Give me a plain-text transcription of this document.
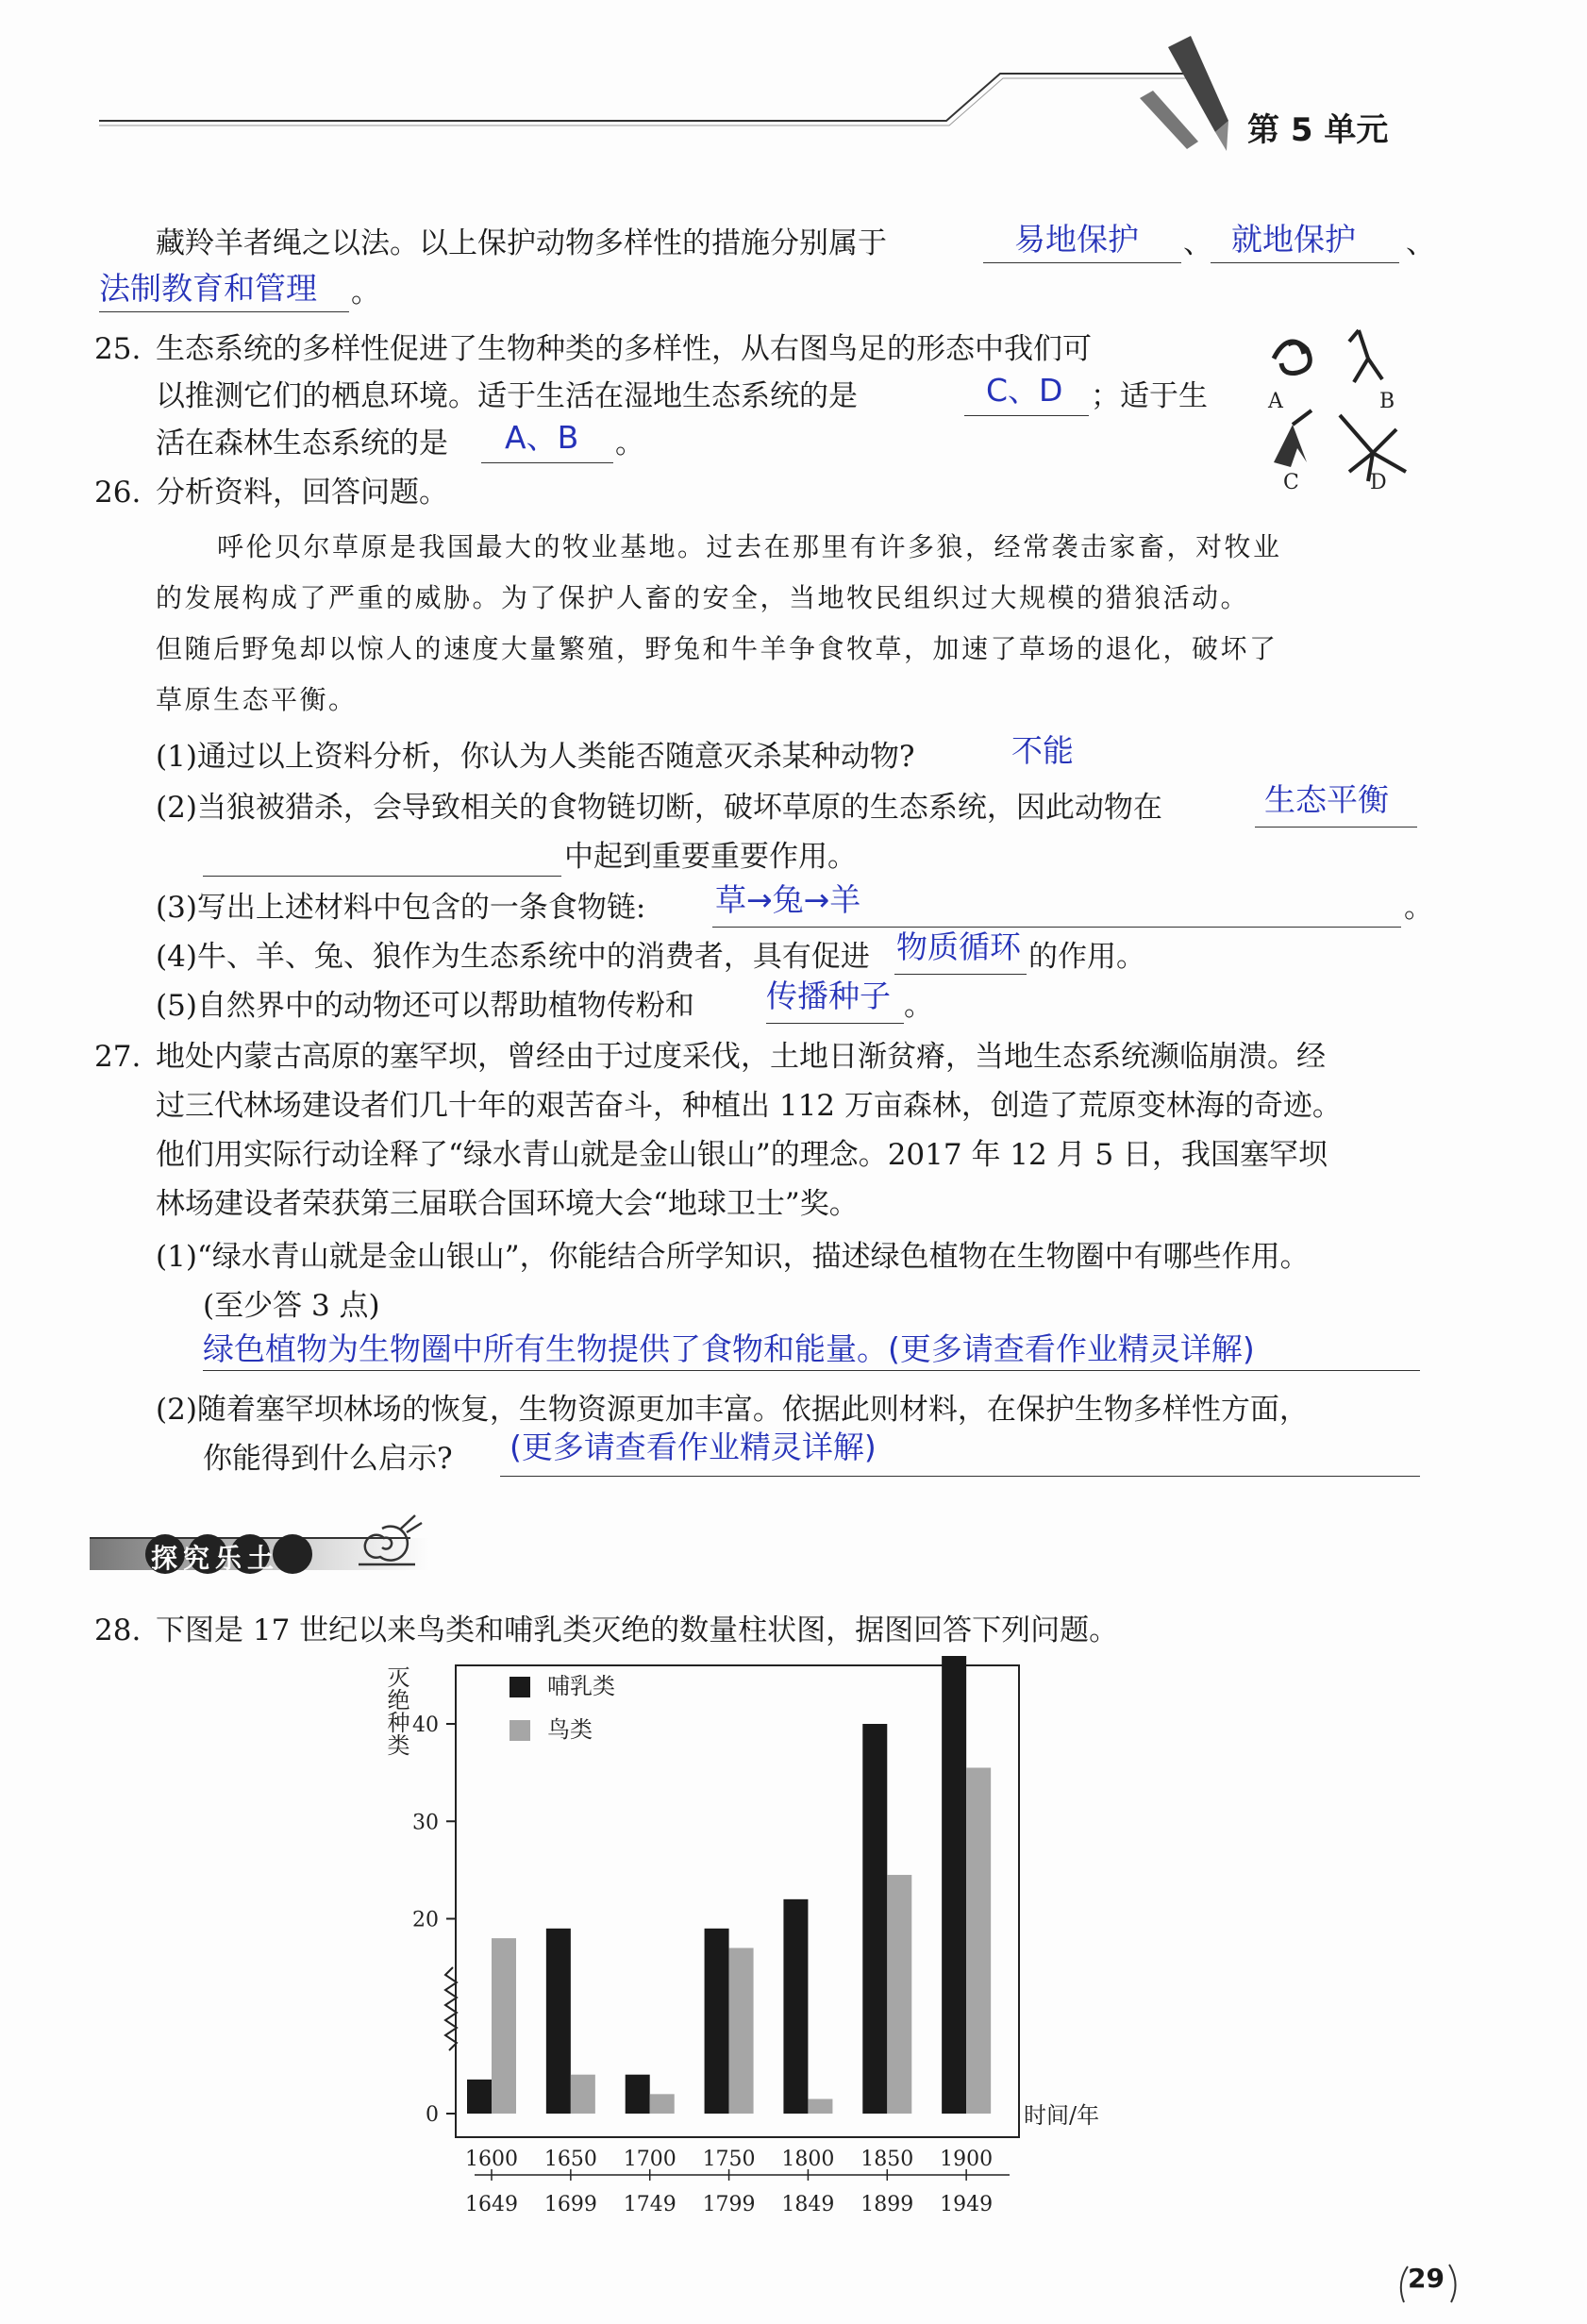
第 5 单元
藏羚羊者绳之以法。以上保护动物多样性的措施分别属于	易地保护 、 就地保护 、
法制教育和管理 。
25. 生态系统的多样性促进了生物种类的多样性，从右图鸟足的形态中我们可
以推测它们的栖息环境。适于生活在湿地生态系统的是	C、D ；适于生
活在森林生态系统的是 A、B 。
A	B
C	D
26. 分析资料，回答问题。
呼伦贝尔草原是我国最大的牧业基地。过去在那里有许多狼，经常袭击家畜，对牧业
的发展构成了严重的威胁。为了保护人畜的安全，当地牧民组织过大规模的猎狼活动。
但随后野兔却以惊人的速度大量繁殖，野兔和牛羊争食牧草，加速了草场的退化，破坏了
草原生态平衡。
(1)通过以上资料分析，你认为人类能否随意灭杀某种动物?	不能
(2)当狼被猎杀，会导致相关的食物链切断，破坏草原的生态系统，因此动物在	生态平衡
中起到重要重要作用。
(3)写出上述材料中包含的一条食物链: 草→兔→羊	。
(4)牛、羊、兔、狼作为生态系统中的消费者，具有促进 物质循环 的作用。
(5)自然界中的动物还可以帮助植物传粉和 传播种子 。
27. 地处内蒙古高原的塞罕坝，曾经由于过度采伐，土地日渐贫瘠，当地生态系统濒临崩溃。经
过三代林场建设者们几十年的艰苦奋斗，种植出 112 万亩森林，创造了荒原变林海的奇迹。
他们用实际行动诠释了“绿水青山就是金山银山”的理念。2017 年 12 月 5 日，我国塞罕坝
林场建设者荣获第三届联合国环境大会“地球卫士”奖。
(1)“绿水青山就是金山银山”，你能结合所学知识，描述绿色植物在生物圈中有哪些作用。
(至少答 3 点)
绿色植物为生物圈中所有生物提供了食物和能量。(更多请查看作业精灵详解)
(2)随着塞罕坝林场的恢复，生物资源更加丰富。依据此则材料，在保护生物多样性方面，
你能得到什么启示? (更多请查看作业精灵详解)
探究乐土
28. 下图是 17 世纪以来鸟类和哺乳类灭绝的数量柱状图，据图回答下列问题。
灭绝种类
时间/年
0
20
30
40
1600 1650 1700 1750 1800 1850 1900
1649 1699 1749 1799 1849 1899 1949
哺乳类
鸟类
29
